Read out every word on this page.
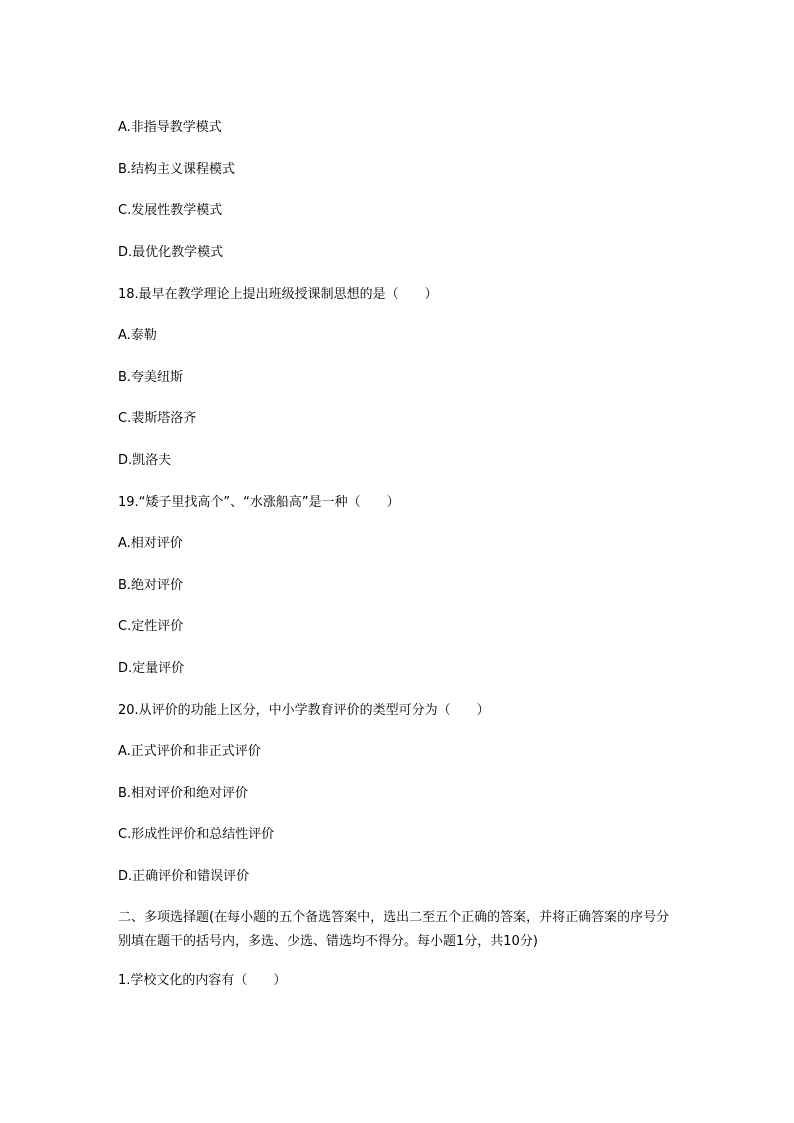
A.非指导教学模式
B.结构主义课程模式
C.发展性教学模式
D.最优化教学模式
18.最早在教学理论上提出班级授课制思想的是（　　）
A.泰勒
B.夸美纽斯
C.裴斯塔洛齐
D.凯洛夫
19.“矮子里找高个”、“水涨船高”是一种（　　）
A.相对评价
B.绝对评价
C.定性评价
D.定量评价
20.从评价的功能上区分，中小学教育评价的类型可分为（　　）
A.正式评价和非正式评价
B.相对评价和绝对评价
C.形成性评价和总结性评价
D.正确评价和错误评价
二、多项选择题(在每小题的五个备选答案中，选出二至五个正确的答案，并将正确答案的序号分别填在题干的括号内，多选、少选、错选均不得分。每小题1分，共10分)
1.学校文化的内容有（　　）
